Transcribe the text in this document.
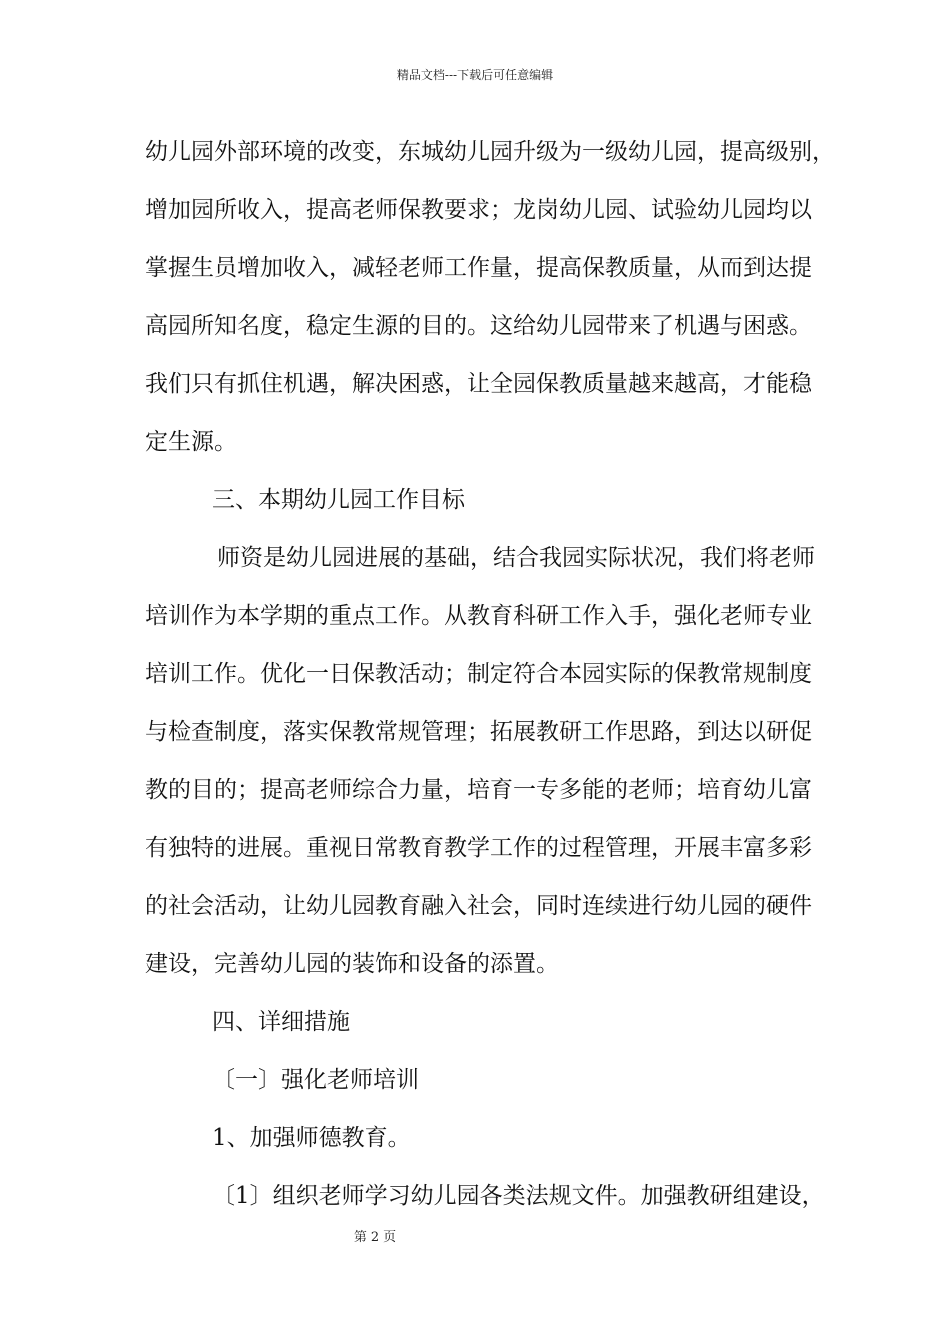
精品文档---下载后可任意编辑
幼儿园外部环境的改变，东城幼儿园升级为一级幼儿园，提高级别，
增加园所收入，提高老师保教要求；龙岗幼儿园、试验幼儿园均以
掌握生员增加收入，减轻老师工作量，提高保教质量，从而到达提
高园所知名度，稳定生源的目的。这给幼儿园带来了机遇与困惑。
我们只有抓住机遇，解决困惑，让全园保教质量越来越高，才能稳
定生源。
三、本期幼儿园工作目标
师资是幼儿园进展的基础，结合我园实际状况，我们将老师
培训作为本学期的重点工作。从教育科研工作入手，强化老师专业
培训工作。优化一日保教活动；制定符合本园实际的保教常规制度
与检查制度，落实保教常规管理；拓展教研工作思路，到达以研促
教的目的；提高老师综合力量，培育一专多能的老师；培育幼儿富
有独特的进展。重视日常教育教学工作的过程管理，开展丰富多彩
的社会活动，让幼儿园教育融入社会，同时连续进行幼儿园的硬件
建设，完善幼儿园的装饰和设备的添置。
四、详细措施
〔一〕强化老师培训
1、加强师德教育。
〔1〕组织老师学习幼儿园各类法规文件。加强教研组建设，
第 2 页
